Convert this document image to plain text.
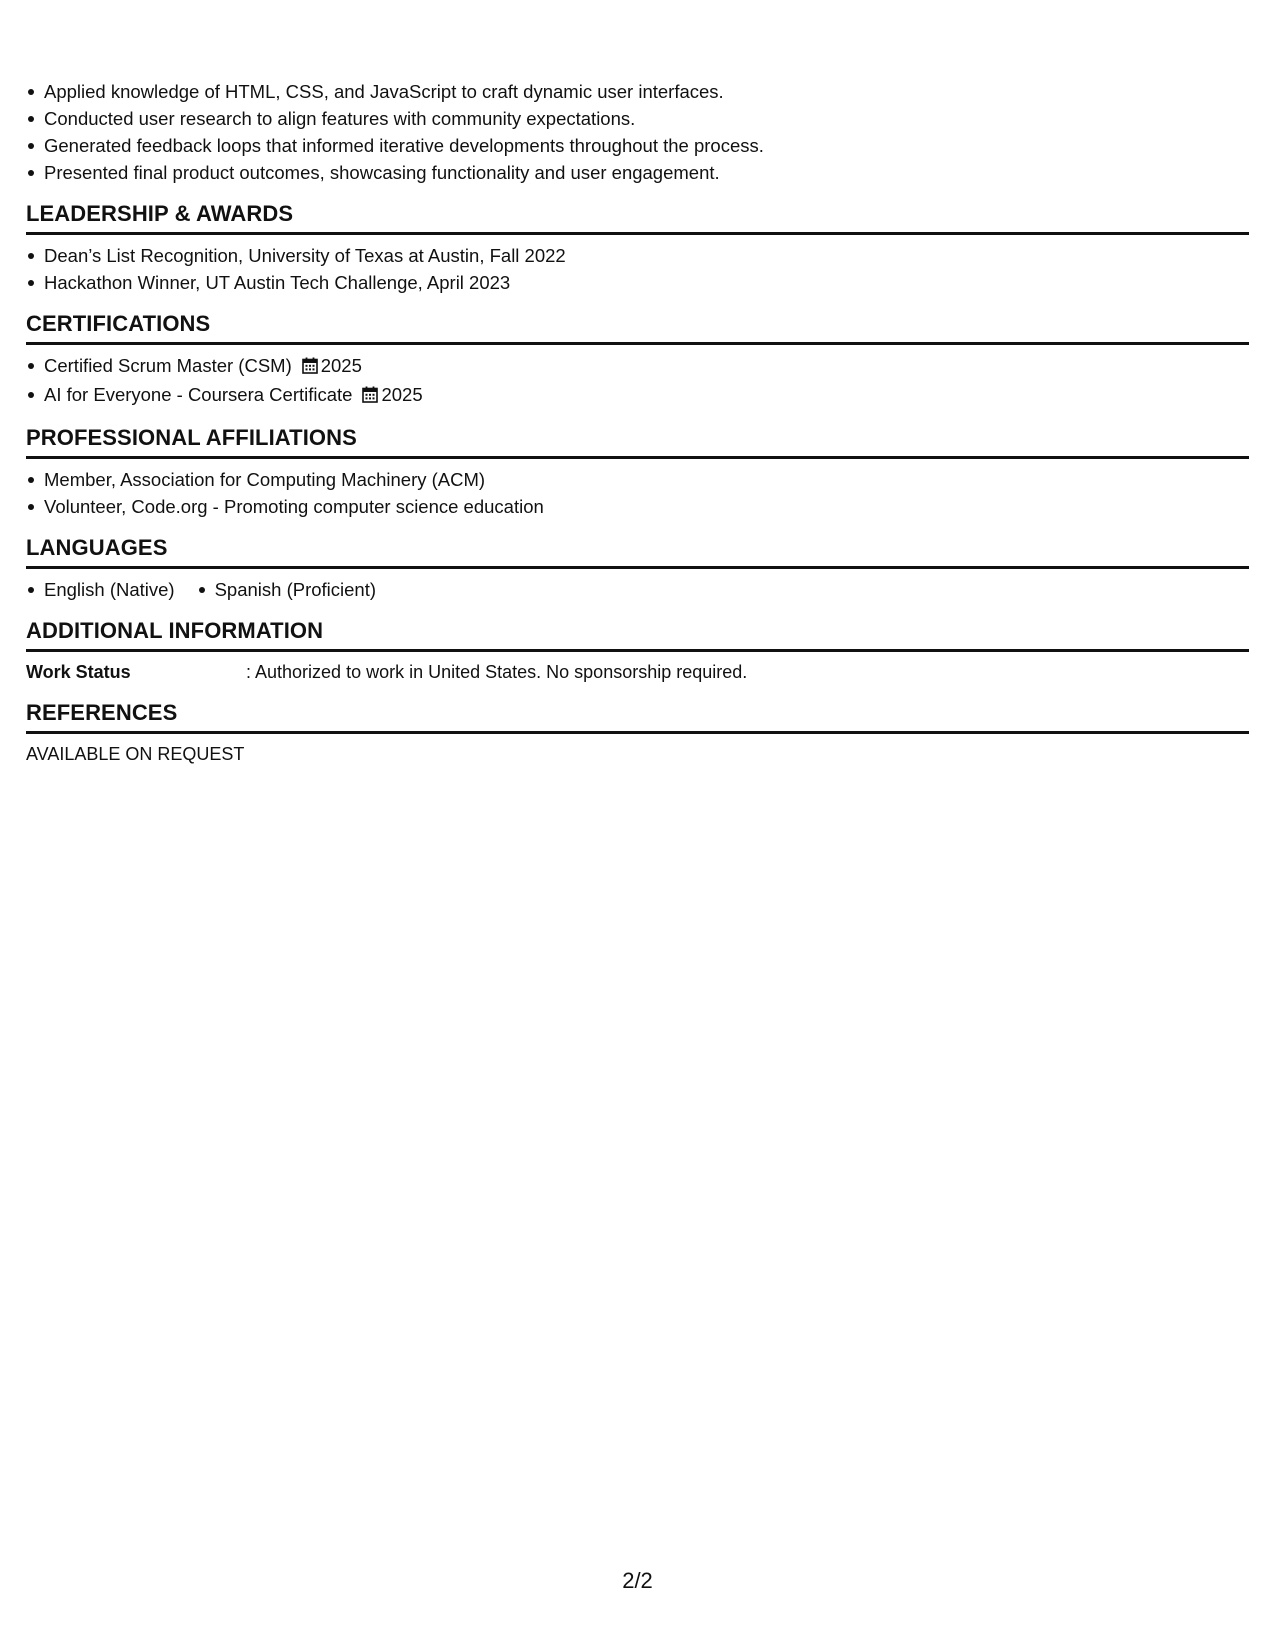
Applied knowledge of HTML, CSS, and JavaScript to craft dynamic user interfaces.
Conducted user research to align features with community expectations.
Generated feedback loops that informed iterative developments throughout the process.
Presented final product outcomes, showcasing functionality and user engagement.
LEADERSHIP & AWARDS
Dean’s List Recognition, University of Texas at Austin, Fall 2022
Hackathon Winner, UT Austin Tech Challenge, April 2023
CERTIFICATIONS
Certified Scrum Master (CSM) 2025
AI for Everyone - Coursera Certificate 2025
PROFESSIONAL AFFILIATIONS
Member, Association for Computing Machinery (ACM)
Volunteer, Code.org - Promoting computer science education
LANGUAGES
English (Native)	Spanish (Proficient)
ADDITIONAL INFORMATION
Work Status	: Authorized to work in United States. No sponsorship required.
REFERENCES
AVAILABLE ON REQUEST
2/2
